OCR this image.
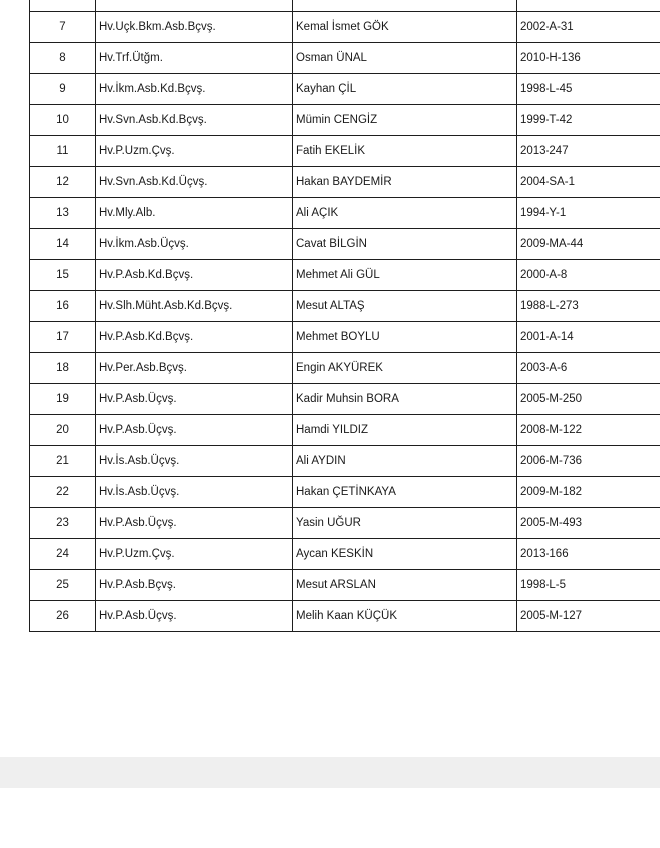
7	Hv.Uçk.Bkm.Asb.Bçvş.	Kemal İsmet GÖK	2002-A-31
8	Hv.Trf.Ütğm.	Osman ÜNAL	2010-H-136
9	Hv.İkm.Asb.Kd.Bçvş.	Kayhan ÇİL	1998-L-45
10	Hv.Svn.Asb.Kd.Bçvş.	Mümin CENGİZ	1999-T-42
11	Hv.P.Uzm.Çvş.	Fatih EKELİK	2013-247
12	Hv.Svn.Asb.Kd.Üçvş.	Hakan BAYDEMİR	2004-SA-1
13	Hv.Mly.Alb.	Ali AÇIK	1994-Y-1
14	Hv.İkm.Asb.Üçvş.	Cavat BİLGİN	2009-MA-44
15	Hv.P.Asb.Kd.Bçvş.	Mehmet Ali GÜL	2000-A-8
16	Hv.Slh.Müht.Asb.Kd.Bçvş.	Mesut ALTAŞ	1988-L-273
17	Hv.P.Asb.Kd.Bçvş.	Mehmet BOYLU	2001-A-14
18	Hv.Per.Asb.Bçvş.	Engin AKYÜREK	2003-A-6
19	Hv.P.Asb.Üçvş.	Kadir Muhsin BORA	2005-M-250
20	Hv.P.Asb.Üçvş.	Hamdi YILDIZ	2008-M-122
21	Hv.İs.Asb.Üçvş.	Ali AYDIN	2006-M-736
22	Hv.İs.Asb.Üçvş.	Hakan ÇETİNKAYA	2009-M-182
23	Hv.P.Asb.Üçvş.	Yasin UĞUR	2005-M-493
24	Hv.P.Uzm.Çvş.	Aycan KESKİN	2013-166
25	Hv.P.Asb.Bçvş.	Mesut ARSLAN	1998-L-5
26	Hv.P.Asb.Üçvş.	Melih Kaan KÜÇÜK	2005-M-127
